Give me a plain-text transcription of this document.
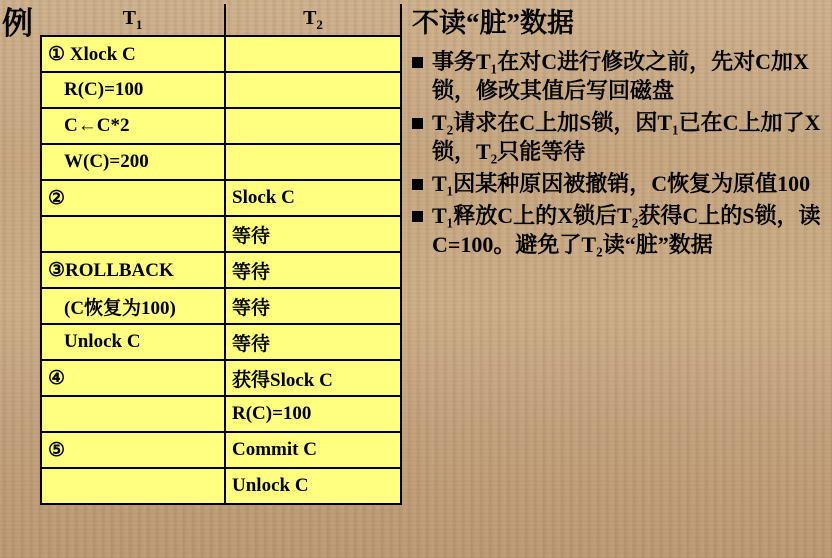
例	$T_1$	$T_2$
① Xlock C	
R(C)=100	
C←C*2	
W(C)=200	
②	Slock C
	等待
③ROLLBACK	等待
(C恢复为100)	等待
Unlock C	等待
④	获得Slock C
	R(C)=100
⑤	Commit C
	Unlock C
不读“脏”数据
事务T₁在对C进行修改之前，先对C加X锁，修改其值后写回磁盘
T₂请求在C上加S锁，因T₁已在C上加了X锁，T₂只能等待
T₁因某种原因被撤销，C恢复为原值100
T₁释放C上的X锁后T₂获得C上的S锁，读C=100。避免了T₂读“脏”数据
